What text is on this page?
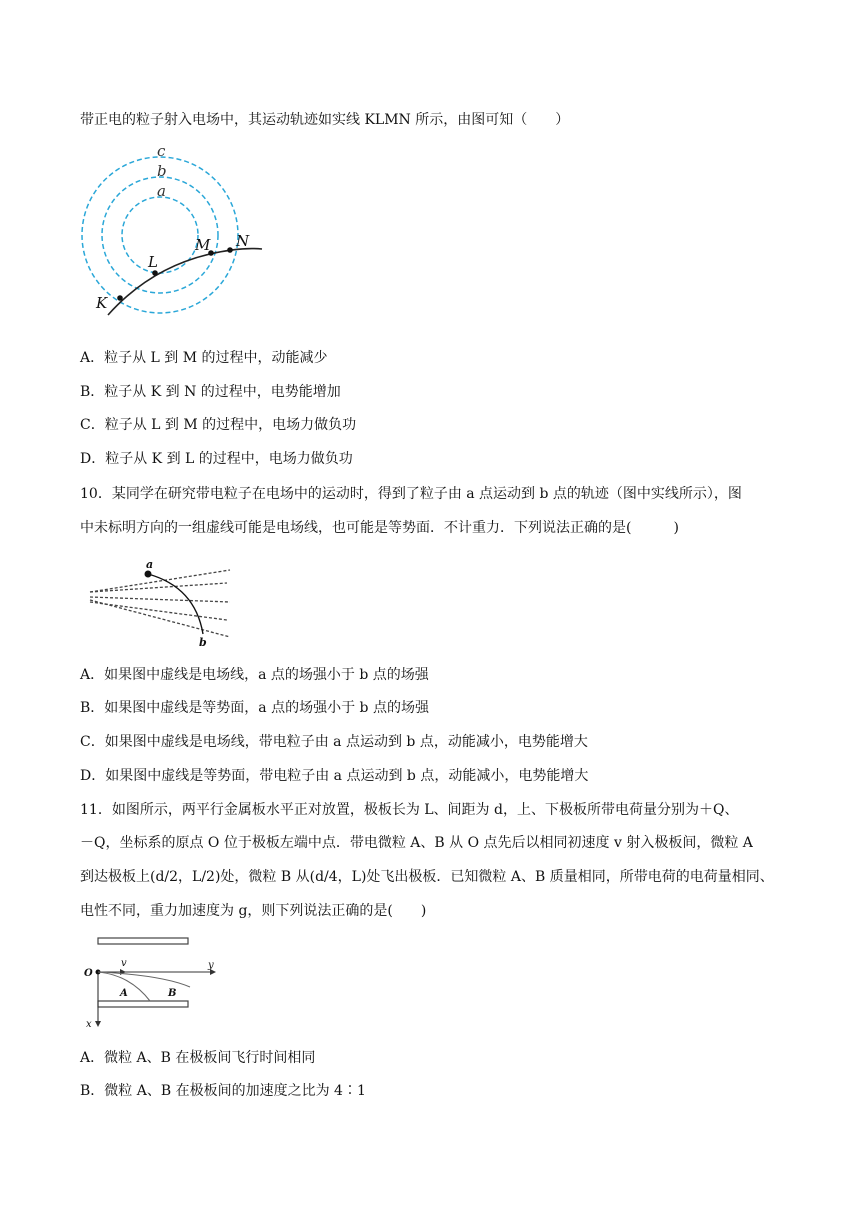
带正电的粒子射入电场中，其运动轨迹如实线 KLMN 所示，由图可知（　　）
c
b
a
L
M N
K
A．粒子从 L 到 M 的过程中，动能减少
B．粒子从 K 到 N 的过程中，电势能增加
C．粒子从 L 到 M 的过程中，电场力做负功
D．粒子从 K 到 L 的过程中，电场力做负功
10．某同学在研究带电粒子在电场中的运动时，得到了粒子由 a 点运动到 b 点的轨迹（图中实线所示），图
中未标明方向的一组虚线可能是电场线，也可能是等势面．不计重力．下列说法正确的是(　　　)
a
b
A．如果图中虚线是电场线，a 点的场强小于 b 点的场强
B．如果图中虚线是等势面，a 点的场强小于 b 点的场强
C．如果图中虚线是电场线，带电粒子由 a 点运动到 b 点，动能减小，电势能增大
D．如果图中虚线是等势面，带电粒子由 a 点运动到 b 点，动能减小，电势能增大
11．如图所示，两平行金属板水平正对放置，极板长为 L、间距为 d，上、下极板所带电荷量分别为＋Q、
－Q，坐标系的原点 O 位于极板左端中点．带电微粒 A、B 从 O 点先后以相同初速度 v 射入极板间，微粒 A
到达极板上(d/2，L/2)处，微粒 B 从(d/4，L)处飞出极板．已知微粒 A、B 质量相同，所带电荷的电荷量相同、
电性不同，重力加速度为 g，则下列说法正确的是(　　)
O
v	y
x
A	B
A．微粒 A、B 在极板间飞行时间相同
B．微粒 A、B 在极板间的加速度之比为 4∶1
